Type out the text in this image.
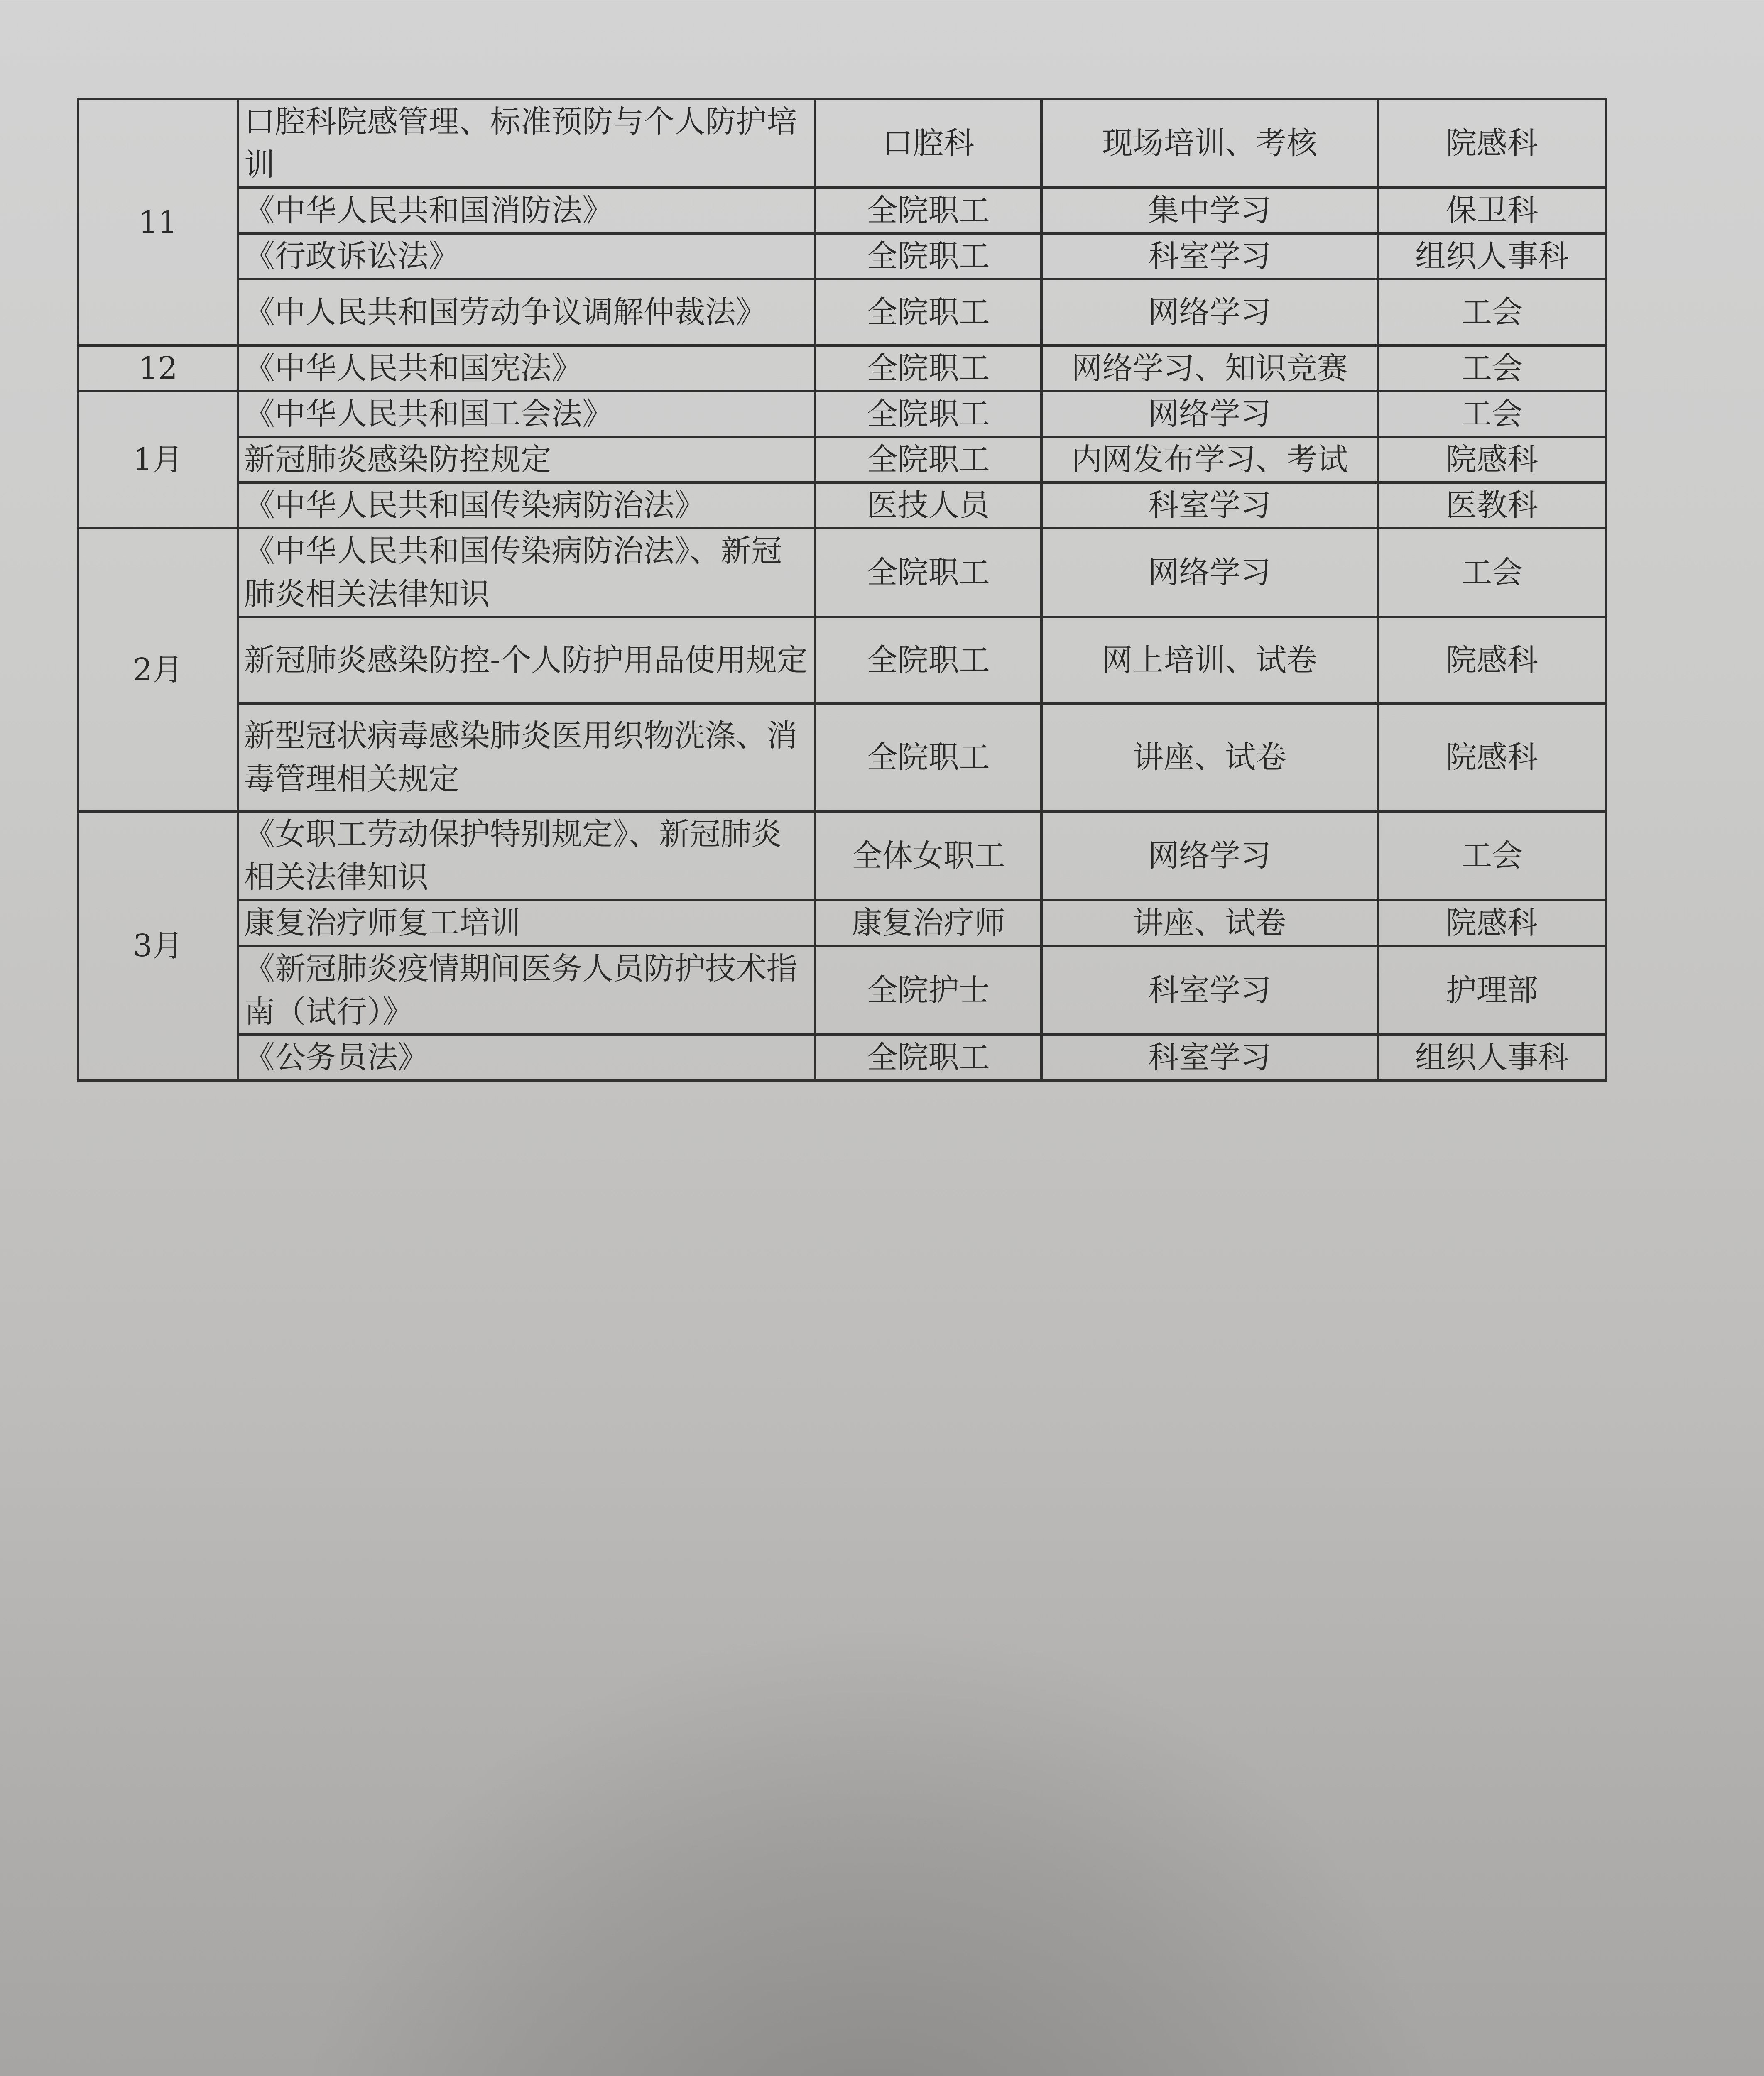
11	口腔科院感管理、标准预防与个人防护培训	口腔科	现场培训、考核	院感科
	《中华人民共和国消防法》	全院职工	集中学习	保卫科
	《行政诉讼法》	全院职工	科室学习	组织人事科
	《中人民共和国劳动争议调解仲裁法》	全院职工	网络学习	工会
12	《中华人民共和国宪法》	全院职工	网络学习、知识竞赛	工会
1月	《中华人民共和国工会法》	全院职工	网络学习	工会
	新冠肺炎感染防控规定	全院职工	内网发布学习、考试	院感科
	《中华人民共和国传染病防治法》	医技人员	科室学习	医教科
2月	《中华人民共和国传染病防治法》、新冠肺炎相关法律知识	全院职工	网络学习	工会
	新冠肺炎感染防控-个人防护用品使用规定	全院职工	网上培训、试卷	院感科
	新型冠状病毒感染肺炎医用织物洗涤、消毒管理相关规定	全院职工	讲座、试卷	院感科
3月	《女职工劳动保护特别规定》、新冠肺炎相关法律知识	全体女职工	网络学习	工会
	康复治疗师复工培训	康复治疗师	讲座、试卷	院感科
	《新冠肺炎疫情期间医务人员防护技术指南（试行）》	全院护士	科室学习	护理部
	《公务员法》	全院职工	科室学习	组织人事科
